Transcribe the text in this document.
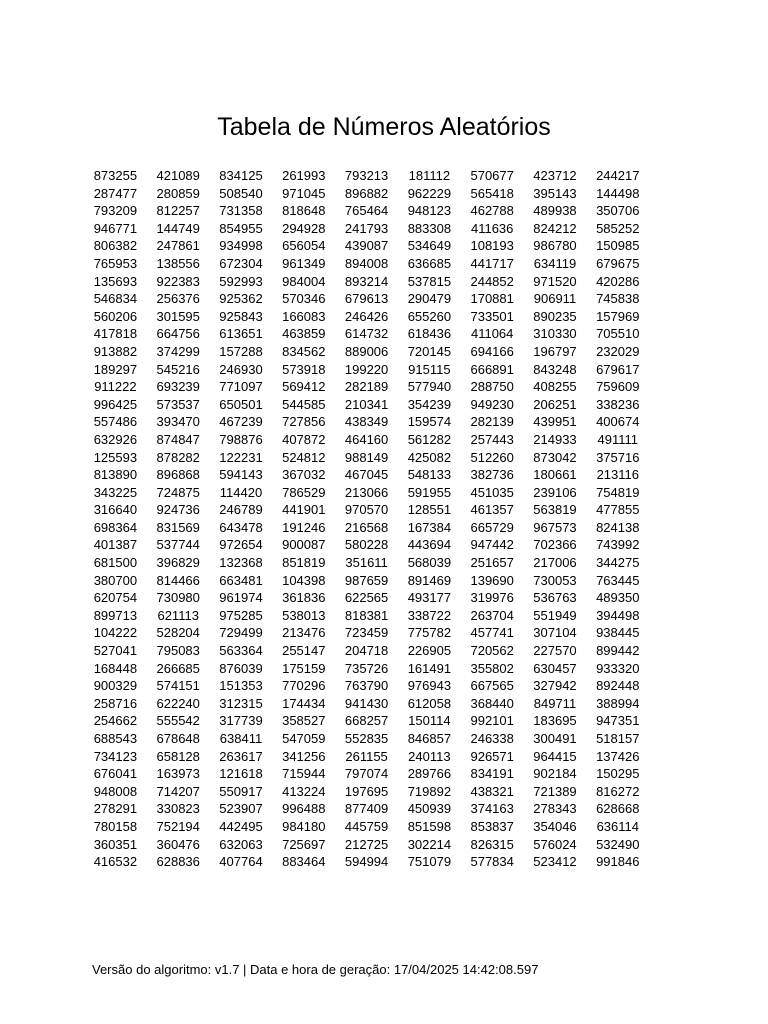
Tabela de Números Aleatórios
873255	421089	834125	261993	793213	181112	570677	423712	244217
287477	280859	508540	971045	896882	962229	565418	395143	144498
793209	812257	731358	818648	765464	948123	462788	489938	350706
946771	144749	854955	294928	241793	883308	411636	824212	585252
806382	247861	934998	656054	439087	534649	108193	986780	150985
765953	138556	672304	961349	894008	636685	441717	634119	679675
135693	922383	592993	984004	893214	537815	244852	971520	420286
546834	256376	925362	570346	679613	290479	170881	906911	745838
560206	301595	925843	166083	246426	655260	733501	890235	157969
417818	664756	613651	463859	614732	618436	411064	310330	705510
913882	374299	157288	834562	889006	720145	694166	196797	232029
189297	545216	246930	573918	199220	915115	666891	843248	679617
911222	693239	771097	569412	282189	577940	288750	408255	759609
996425	573537	650501	544585	210341	354239	949230	206251	338236
557486	393470	467239	727856	438349	159574	282139	439951	400674
632926	874847	798876	407872	464160	561282	257443	214933	491111
125593	878282	122231	524812	988149	425082	512260	873042	375716
813890	896868	594143	367032	467045	548133	382736	180661	213116
343225	724875	114420	786529	213066	591955	451035	239106	754819
316640	924736	246789	441901	970570	128551	461357	563819	477855
698364	831569	643478	191246	216568	167384	665729	967573	824138
401387	537744	972654	900087	580228	443694	947442	702366	743992
681500	396829	132368	851819	351611	568039	251657	217006	344275
380700	814466	663481	104398	987659	891469	139690	730053	763445
620754	730980	961974	361836	622565	493177	319976	536763	489350
899713	621113	975285	538013	818381	338722	263704	551949	394498
104222	528204	729499	213476	723459	775782	457741	307104	938445
527041	795083	563364	255147	204718	226905	720562	227570	899442
168448	266685	876039	175159	735726	161491	355802	630457	933320
900329	574151	151353	770296	763790	976943	667565	327942	892448
258716	622240	312315	174434	941430	612058	368440	849711	388994
254662	555542	317739	358527	668257	150114	992101	183695	947351
688543	678648	638411	547059	552835	846857	246338	300491	518157
734123	658128	263617	341256	261155	240113	926571	964415	137426
676041	163973	121618	715944	797074	289766	834191	902184	150295
948008	714207	550917	413224	197695	719892	438321	721389	816272
278291	330823	523907	996488	877409	450939	374163	278343	628668
780158	752194	442495	984180	445759	851598	853837	354046	636114
360351	360476	632063	725697	212725	302214	826315	576024	532490
416532	628836	407764	883464	594994	751079	577834	523412	991846
Versão do algoritmo: v1.7 | Data e hora de geração: 17/04/2025 14:42:08.597
